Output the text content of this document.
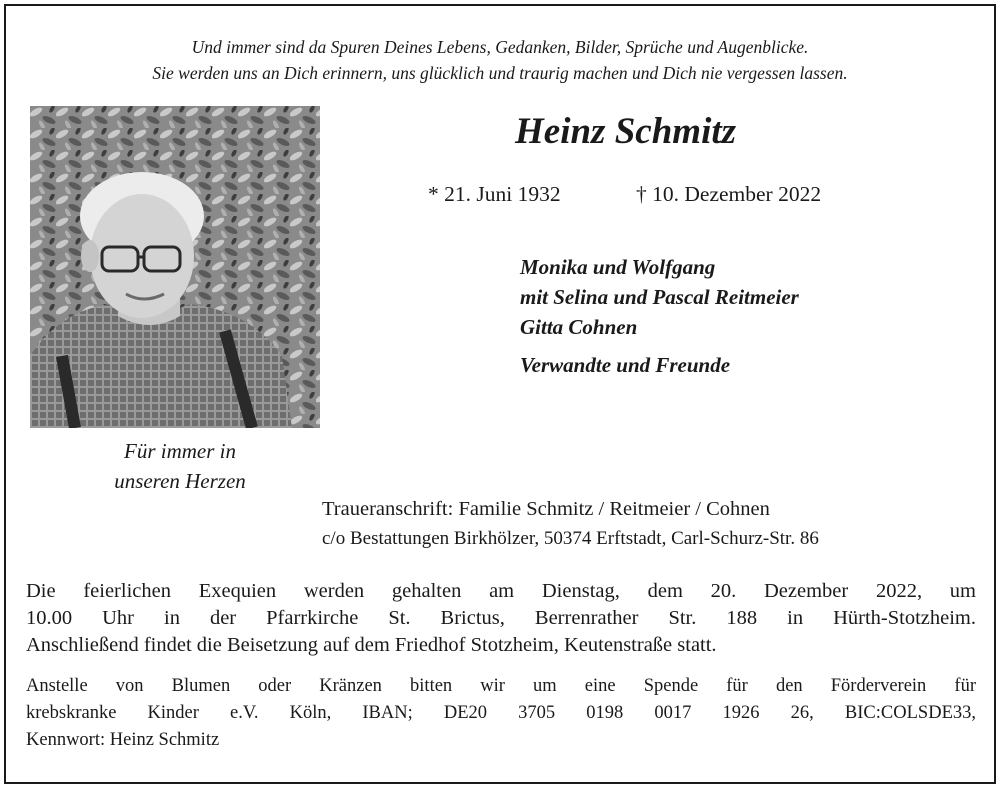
Und immer sind da Spuren Deines Lebens, Gedanken, Bilder, Sprüche und Augenblicke.
Sie werden uns an Dich erinnern, uns glücklich und traurig machen und Dich nie vergessen lassen.
Für immer in
unseren Herzen
Heinz Schmitz
* 21. Juni 1932	† 10. Dezember 2022
Monika und Wolfgang
mit Selina und Pascal Reitmeier
Gitta Cohnen
Verwandte und Freunde
Traueranschrift: Familie Schmitz / Reitmeier / Cohnen
c/o Bestattungen Birkhölzer, 50374 Erftstadt, Carl-Schurz-Str. 86
Die feierlichen Exequien werden gehalten am Dienstag, dem 20. Dezember 2022, um
10.00 Uhr in der Pfarrkirche St. Brictus, Berrenrather Str. 188 in Hürth-Stotzheim.
Anschließend findet die Beisetzung auf dem Friedhof Stotzheim, Keutenstraße statt.
Anstelle von Blumen oder Kränzen bitten wir um eine Spende für den Förderverein für
krebskranke Kinder e.V. Köln, IBAN; DE20 3705 0198 0017 1926 26, BIC:COLSDE33,
Kennwort: Heinz Schmitz
